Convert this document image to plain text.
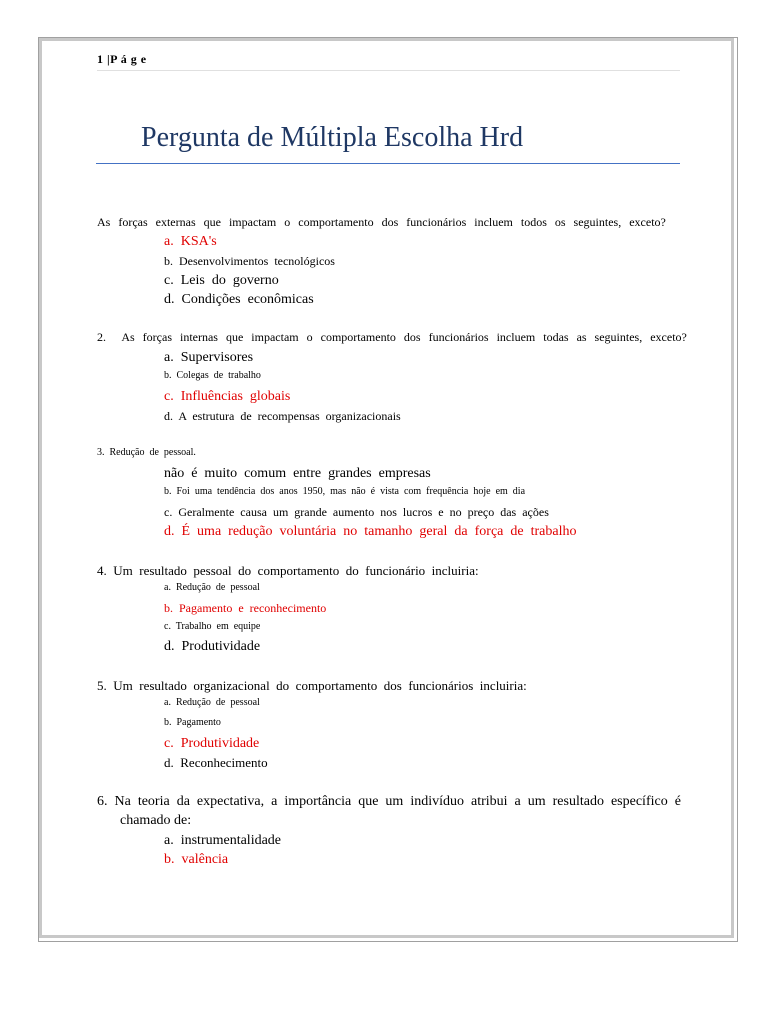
1 |P á g e
Pergunta de Múltipla Escolha Hrd
As forças externas que impactam o comportamento dos funcionários incluem todos os seguintes, exceto?
a.  KSA's
b.  Desenvolvimentos  tecnológicos
c.  Leis  do  governo
d.  Condições  econômicas
2.  As forças internas que impactam o comportamento dos funcionários incluem todas as seguintes, exceto?
a.  Supervisores
b.  Colegas  de  trabalho
c.  Influências  globais
d.  A  estrutura  de  recompensas  organizacionais
3.  Redução  de  pessoal.
não  é  muito  comum  entre  grandes  empresas
b.  Foi  uma  tendência  dos  anos  1950,  mas  não  é  vista  com  frequência  hoje  em  dia
c.  Geralmente  causa  um  grande  aumento  nos  lucros  e  no  preço  das  ações
d.  É  uma  redução  voluntária  no  tamanho  geral  da  força  de  trabalho
4.  Um  resultado  pessoal  do  comportamento  do  funcionário  incluiria:
a.  Redução  de  pessoal
b.  Pagamento  e  reconhecimento
c.  Trabalho  em  equipe
d.  Produtividade
5.  Um  resultado  organizacional  do  comportamento  dos  funcionários  incluiria:
a.  Redução  de  pessoal
b.  Pagamento
c.  Produtividade
d.  Reconhecimento
6.  Na  teoria  da  expectativa,  a  importância  que  um  indivíduo  atribui  a  um  resultado  específico  é
chamado de:
a.  instrumentalidade
b.  valência
